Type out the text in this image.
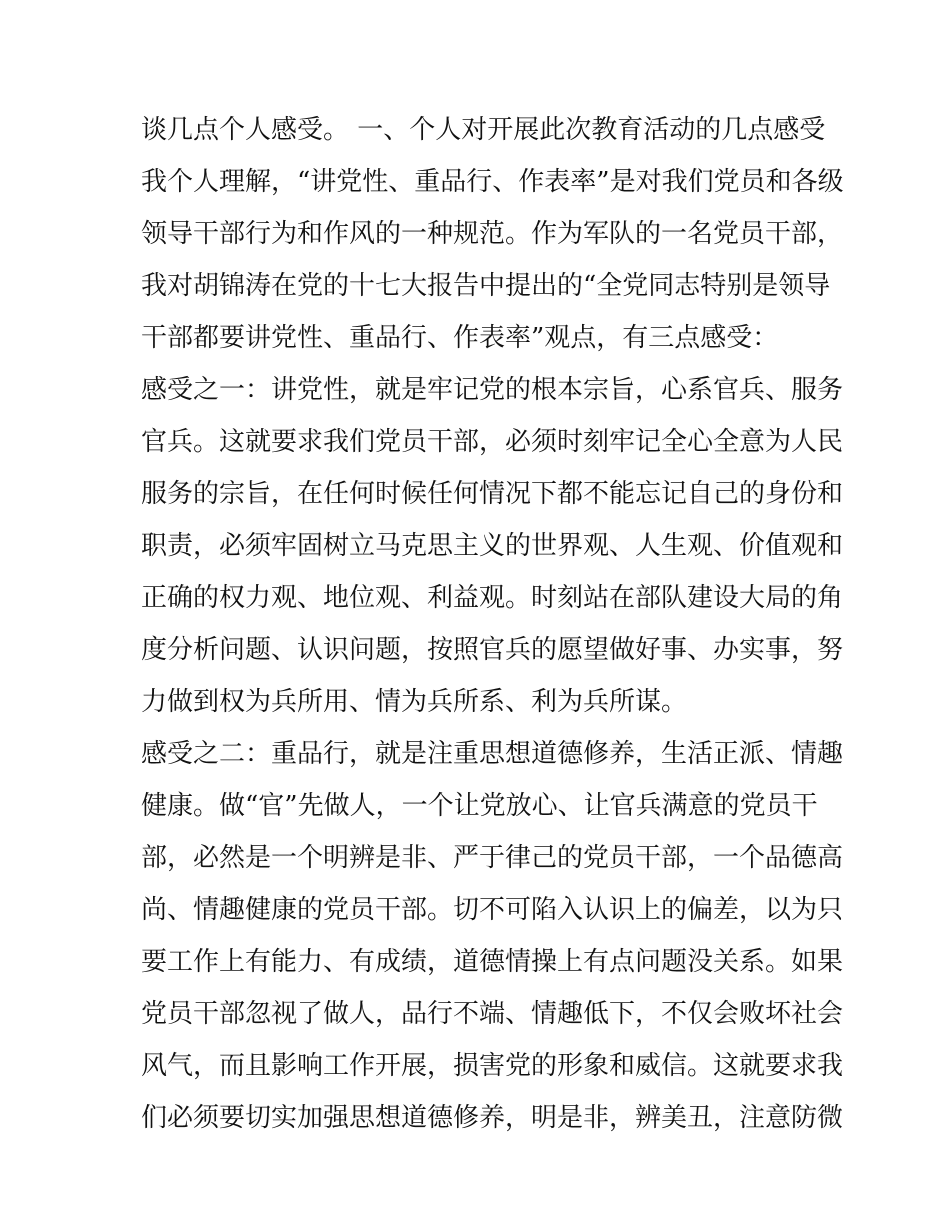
谈几点个人感受。 一、个人对开展此次教育活动的几点感受
我个人理解，“讲党性、重品行、作表率”是对我们党员和各级
领导干部行为和作风的一种规范。作为军队的一名党员干部，
我对胡锦涛在党的十七大报告中提出的“全党同志特别是领导
干部都要讲党性、重品行、作表率”观点，有三点感受：
感受之一：讲党性，就是牢记党的根本宗旨，心系官兵、服务
官兵。这就要求我们党员干部，必须时刻牢记全心全意为人民
服务的宗旨，在任何时候任何情况下都不能忘记自己的身份和
职责，必须牢固树立马克思主义的世界观、人生观、价值观和
正确的权力观、地位观、利益观。时刻站在部队建设大局的角
度分析问题、认识问题，按照官兵的愿望做好事、办实事，努
力做到权为兵所用、情为兵所系、利为兵所谋。
感受之二：重品行，就是注重思想道德修养，生活正派、情趣
健康。做“官”先做人，一个让党放心、让官兵满意的党员干
部，必然是一个明辨是非、严于律己的党员干部，一个品德高
尚、情趣健康的党员干部。切不可陷入认识上的偏差，以为只
要工作上有能力、有成绩，道德情操上有点问题没关系。如果
党员干部忽视了做人，品行不端、情趣低下，不仅会败坏社会
风气，而且影响工作开展，损害党的形象和威信。这就要求我
们必须要切实加强思想道德修养，明是非，辨美丑，注意防微
